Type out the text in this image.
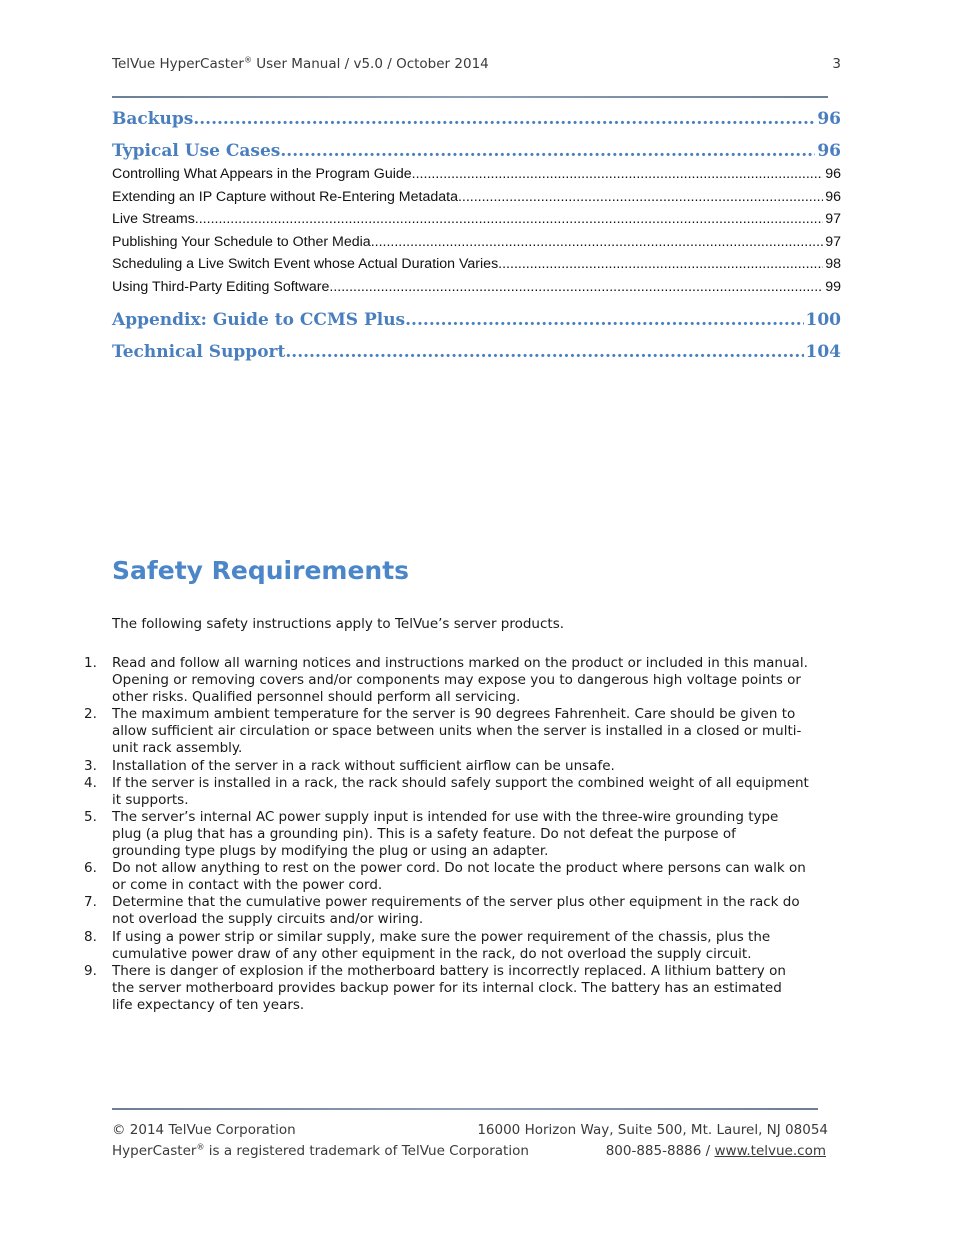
TelVue HyperCaster® User Manual / v5.0 / October 2014	3
Backups .....	96
Typical Use Cases .....	96
Controlling What Appears in the Program Guide .....	96
Extending an IP Capture without Re-Entering Metadata .....	96
Live Streams .....	97
Publishing Your Schedule to Other Media .....	97
Scheduling a Live Switch Event whose Actual Duration Varies .....	98
Using Third-Party Editing Software .....	99
Appendix: Guide to CCMS Plus .....	100
Technical Support .....	104
Safety Requirements
The following safety instructions apply to TelVue’s server products.
1. Read and follow all warning notices and instructions marked on the product or included in this manual.
Opening or removing covers and/or components may expose you to dangerous high voltage points or
other risks. Qualified personnel should perform all servicing.
2. The maximum ambient temperature for the server is 90 degrees Fahrenheit. Care should be given to
allow sufficient air circulation or space between units when the server is installed in a closed or multi-
unit rack assembly.
3. Installation of the server in a rack without sufficient airflow can be unsafe.
4. If the server is installed in a rack, the rack should safely support the combined weight of all equipment
it supports.
5. The server’s internal AC power supply input is intended for use with the three-wire grounding type
plug (a plug that has a grounding pin). This is a safety feature. Do not defeat the purpose of
grounding type plugs by modifying the plug or using an adapter.
6. Do not allow anything to rest on the power cord. Do not locate the product where persons can walk on
or come in contact with the power cord.
7. Determine that the cumulative power requirements of the server plus other equipment in the rack do
not overload the supply circuits and/or wiring.
8. If using a power strip or similar supply, make sure the power requirement of the chassis, plus the
cumulative power draw of any other equipment in the rack, do not overload the supply circuit.
9. There is danger of explosion if the motherboard battery is incorrectly replaced. A lithium battery on
the server motherboard provides backup power for its internal clock. The battery has an estimated
life expectancy of ten years.
© 2014 TelVue Corporation	16000 Horizon Way, Suite 500, Mt. Laurel, NJ 08054
HyperCaster® is a registered trademark of TelVue Corporation	800-885-8886 / www.telvue.com
